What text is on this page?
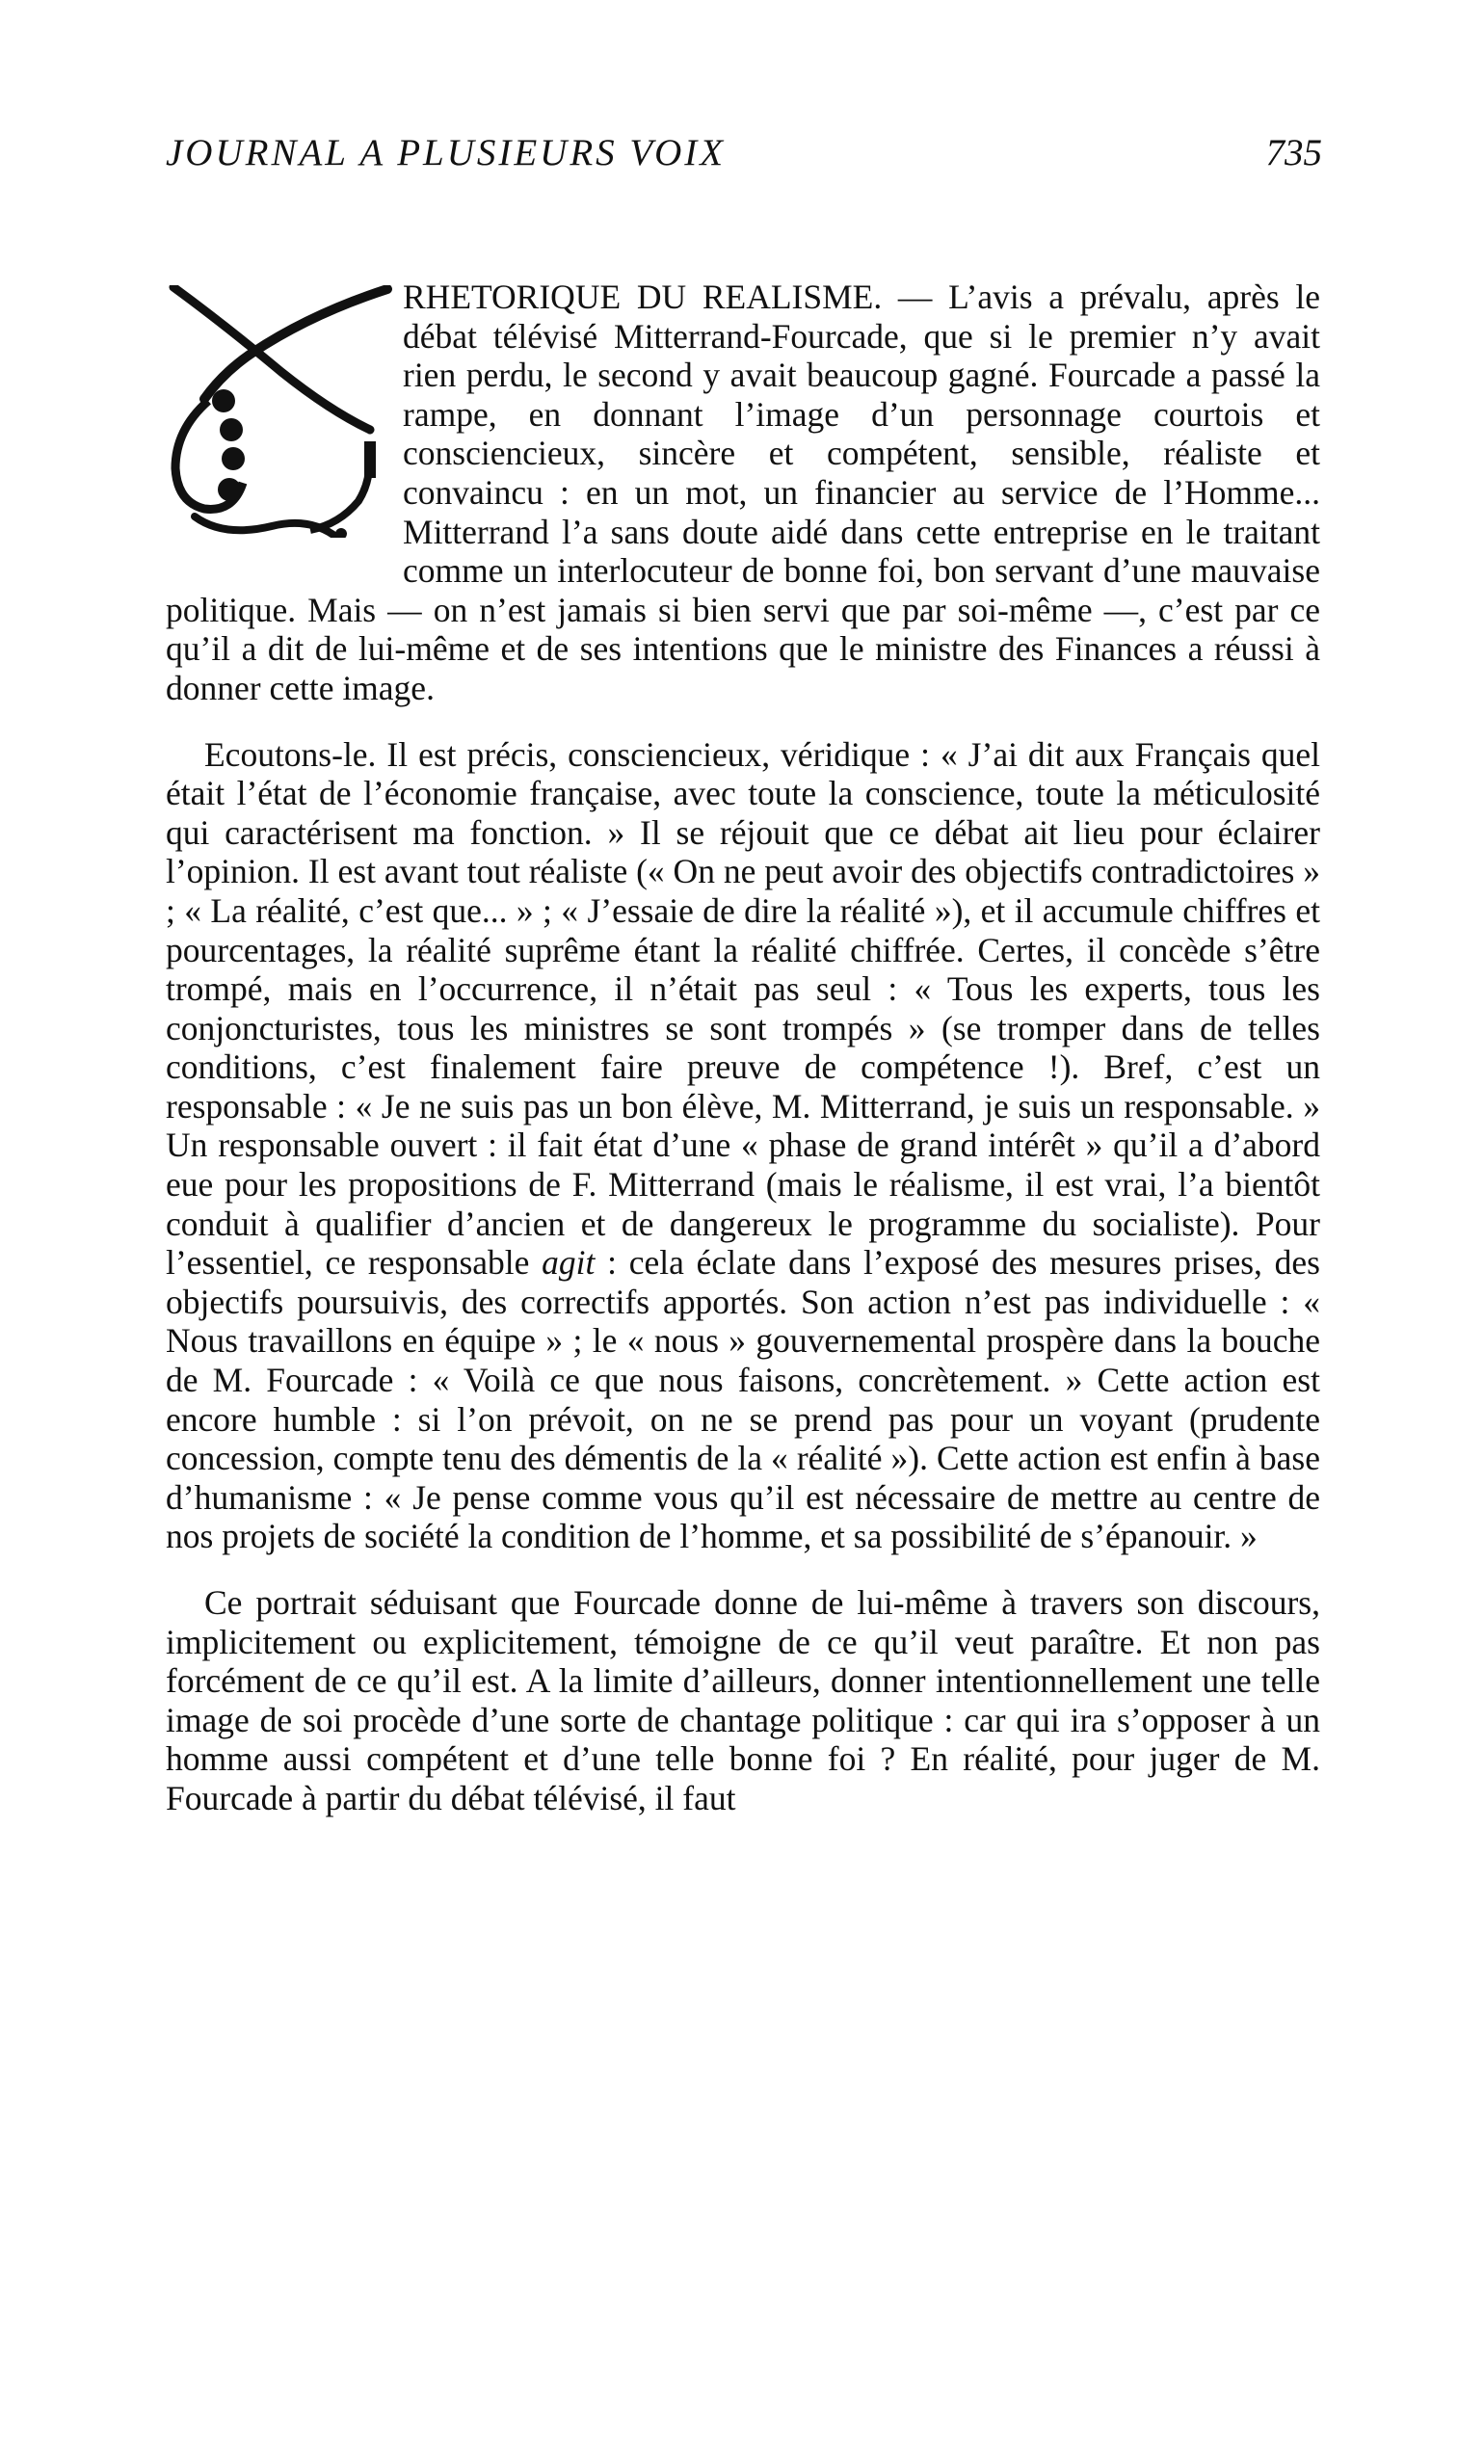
JOURNAL A PLUSIEURS VOIX	735

RHETORIQUE DU REALISME. — L’avis a prévalu, après le débat télévisé Mitterrand-Fourcade, que si le premier n’y avait rien perdu, le second y avait beaucoup gagné. Fourcade a passé la rampe, en donnant l’image d’un personnage courtois et consciencieux, sincère et compétent, sensible, réaliste et convaincu : en un mot, un financier au service de l’Homme... Mitterrand l’a sans doute aidé dans cette entreprise en le traitant comme un interlocuteur de bonne foi, bon servant d’une mauvaise politique. Mais — on n’est jamais si bien servi que par soi-même —, c’est par ce qu’il a dit de lui-même et de ses intentions que le ministre des Finances a réussi à donner cette image.

Ecoutons-le. Il est précis, consciencieux, véridique : « J’ai dit aux Français quel était l’état de l’économie française, avec toute la conscience, toute la méticulosité qui caractérisent ma fonction. » Il se réjouit que ce débat ait lieu pour éclairer l’opinion. Il est avant tout réaliste (« On ne peut avoir des objectifs contradictoires » ; « La réalité, c’est que... » ; « J’essaie de dire la réalité »), et il accumule chiffres et pourcentages, la réalité suprême étant la réalité chiffrée. Certes, il concède s’être trompé, mais en l’occurrence, il n’était pas seul : « Tous les experts, tous les conjoncturistes, tous les ministres se sont trompés » (se tromper dans de telles conditions, c’est finalement faire preuve de compétence !). Bref, c’est un responsable : « Je ne suis pas un bon élève, M. Mitterrand, je suis un responsable. » Un responsable ouvert : il fait état d’une « phase de grand intérêt » qu’il a d’abord eue pour les propositions de F. Mitterrand (mais le réalisme, il est vrai, l’a bientôt conduit à qualifier d’ancien et de dangereux le programme du socialiste). Pour l’essentiel, ce responsable agit : cela éclate dans l’exposé des mesures prises, des objectifs poursuivis, des correctifs apportés. Son action n’est pas individuelle : « Nous travaillons en équipe » ; le « nous » gouvernemental prospère dans la bouche de M. Fourcade : « Voilà ce que nous faisons, concrètement. » Cette action est encore humble : si l’on prévoit, on ne se prend pas pour un voyant (prudente concession, compte tenu des démentis de la « réalité »). Cette action est enfin à base d’humanisme : « Je pense comme vous qu’il est nécessaire de mettre au centre de nos projets de société la condition de l’homme, et sa possibilité de s’épanouir. »

Ce portrait séduisant que Fourcade donne de lui-même à travers son discours, implicitement ou explicitement, témoigne de ce qu’il veut paraître. Et non pas forcément de ce qu’il est. A la limite d’ailleurs, donner intentionnellement une telle image de soi procède d’une sorte de chantage politique : car qui ira s’opposer à un homme aussi compétent et d’une telle bonne foi ? En réalité, pour juger de M. Fourcade à partir du débat télévisé, il faut
